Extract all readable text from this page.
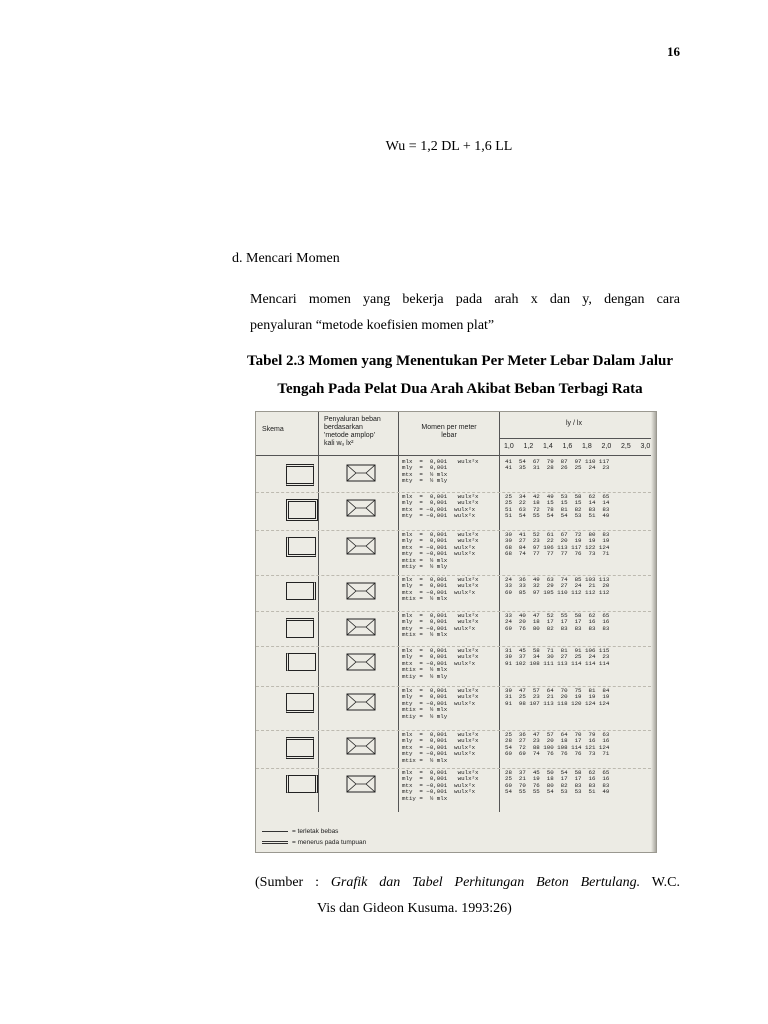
16
Wu = 1,2 DL + 1,6 LL
d. Mencari Momen
Mencari momen yang bekerja pada arah x dan y, dengan cara
penyaluran “metode koefisien momen plat”
Tabel 2.3 Momen yang Menentukan Per Meter Lebar Dalam Jalur
Tengah Pada Pelat Dua Arah Akibat Beban Terbagi Rata
Skema
Penyaluran beban
berdasarkan
'metode amplop'
kali wᵤ lx²
Momen per meter
lebar
ly / lx
1,0 1,2 1,4 1,6 1,8 2,0 2,5 3,0
mlx  =  0,001   wulx²x
mly  =  0,001
mtx  =  ½ mlx
mty  =  ½ mly
41  54  67  79  87  97 110 117
41  35  31  28  26  25  24  23
mlx  =  0,001   wulx²x
mly  =  0,001   wulx²x
mtx  = −0,001  wulx²x
mty  = −0,001  wulx²x
25  34  42  49  53  58  62  65
25  22  18  15  15  15  14  14
51  63  72  78  81  82  83  83
51  54  55  54  54  53  51  49
mlx  =  0,001   wulx²x
mly  =  0,001   wulx²x
mtx  = −0,001  wulx²x
mty  = −0,001  wulx²x
mtix =  ½ mlx
mtiy =  ½ mly
30  41  52  61  67  72  80  83
30  27  23  22  20  19  19  19
68  84  97 106 113 117 122 124
68  74  77  77  77  76  73  71
mlx  =  0,001   wulx²x
mly  =  0,001   wulx²x
mtx  = −0,001  wulx²x
mtix =  ½ mlx
24  36  49  63  74  85 103 113
33  33  32  29  27  24  21  20
69  85  97 105 110 112 112 112
mlx  =  0,001   wulx²x
mly  =  0,001   wulx²x
mty  = −0,001  wulx²x
mtix =  ½ mlx
33  40  47  52  55  58  62  65
24  20  18  17  17  17  16  16
69  76  80  82  83  83  83  83
mlx  =  0,001   wulx²x
mly  =  0,001   wulx²x
mtx  = −0,001  wulx²x
mtix =  ½ mlx
mtiy =  ½ mly
31  45  58  71  81  91 106 115
39  37  34  30  27  25  24  23
91 102 108 111 113 114 114 114
mlx  =  0,001   wulx²x
mly  =  0,001   wulx²x
mty  = −0,001  wulx²x
mtix =  ½ mlx
mtiy =  ½ mly
39  47  57  64  70  75  81  84
31  25  23  21  20  19  19  19
91  98 107 113 118 120 124 124
mlx  =  0,001   wulx²x
mly  =  0,001   wulx²x
mtx  = −0,001  wulx²x
mty  = −0,001  wulx²x
mtix =  ½ mlx
25  36  47  57  64  70  79  63
28  27  23  20  18  17  16  16
54  72  88 100 108 114 121 124
60  69  74  76  76  76  73  71
mlx  =  0,001   wulx²x
mly  =  0,001   wulx²x
mtx  = −0,001  wulx²x
mty  = −0,001  wulx²x
mtiy =  ½ mlx
28  37  45  50  54  58  62  65
25  21  19  18  17  17  16  16
60  70  76  80  82  83  83  83
54  55  55  54  53  53  51  49
= terletak bebas
= menerus pada tumpuan
(Sumber : Grafik dan Tabel Perhitungan Beton Bertulang. W.C.
Vis dan Gideon Kusuma. 1993:26)
